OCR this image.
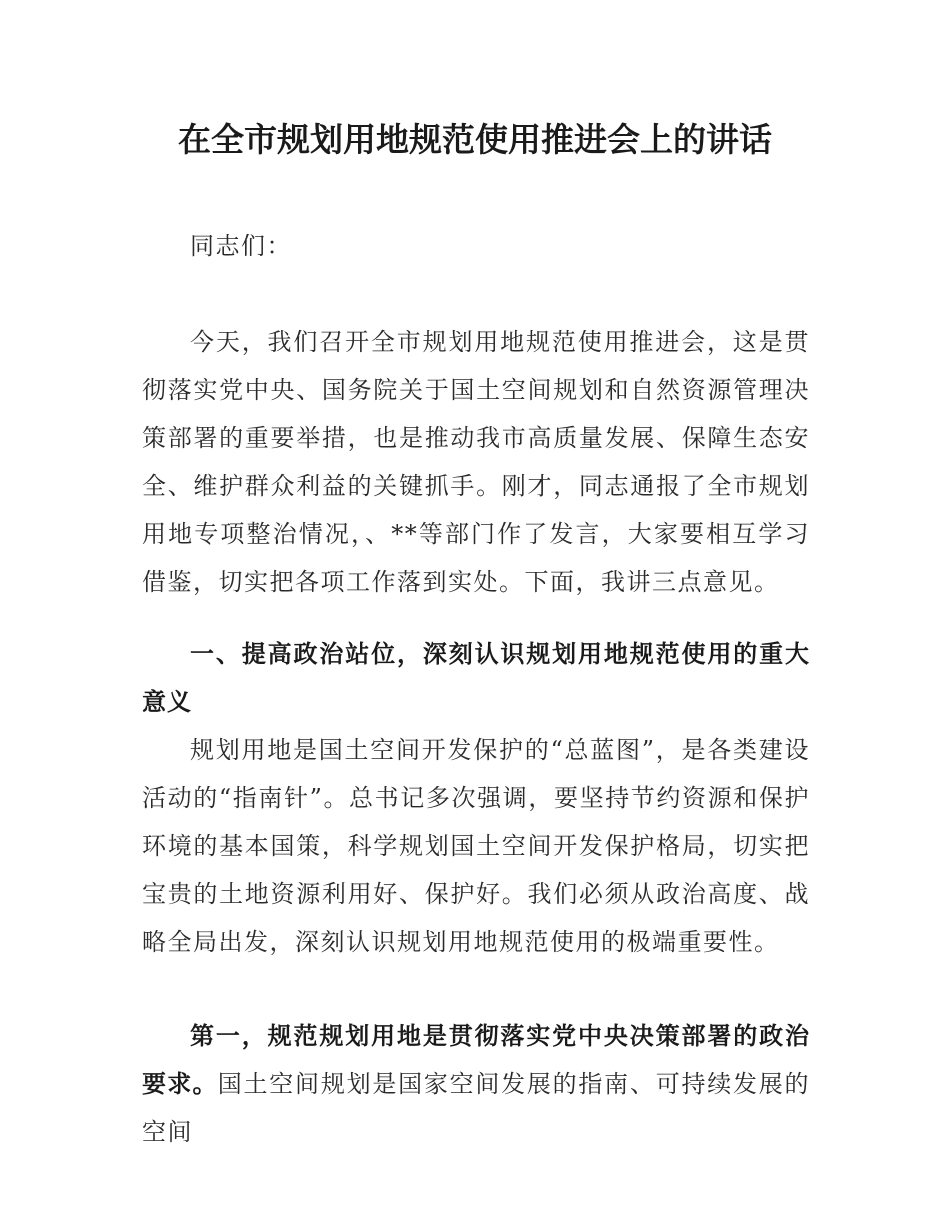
在全市规划用地规范使用推进会上的讲话

同志们：

今天，我们召开全市规划用地规范使用推进会，这是贯彻落实党中央、国务院关于国土空间规划和自然资源管理决策部署的重要举措，也是推动我市高质量发展、保障生态安全、维护群众利益的关键抓手。刚才，同志通报了全市规划用地专项整治情况，、**等部门作了发言，大家要相互学习借鉴，切实把各项工作落到实处。下面，我讲三点意见。

一、提高政治站位，深刻认识规划用地规范使用的重大意义

规划用地是国土空间开发保护的“总蓝图”，是各类建设活动的“指南针”。总书记多次强调，要坚持节约资源和保护环境的基本国策，科学规划国土空间开发保护格局，切实把宝贵的土地资源利用好、保护好。我们必须从政治高度、战略全局出发，深刻认识规划用地规范使用的极端重要性。

第一，规范规划用地是贯彻落实党中央决策部署的政治要求。国土空间规划是国家空间发展的指南、可持续发展的空间
